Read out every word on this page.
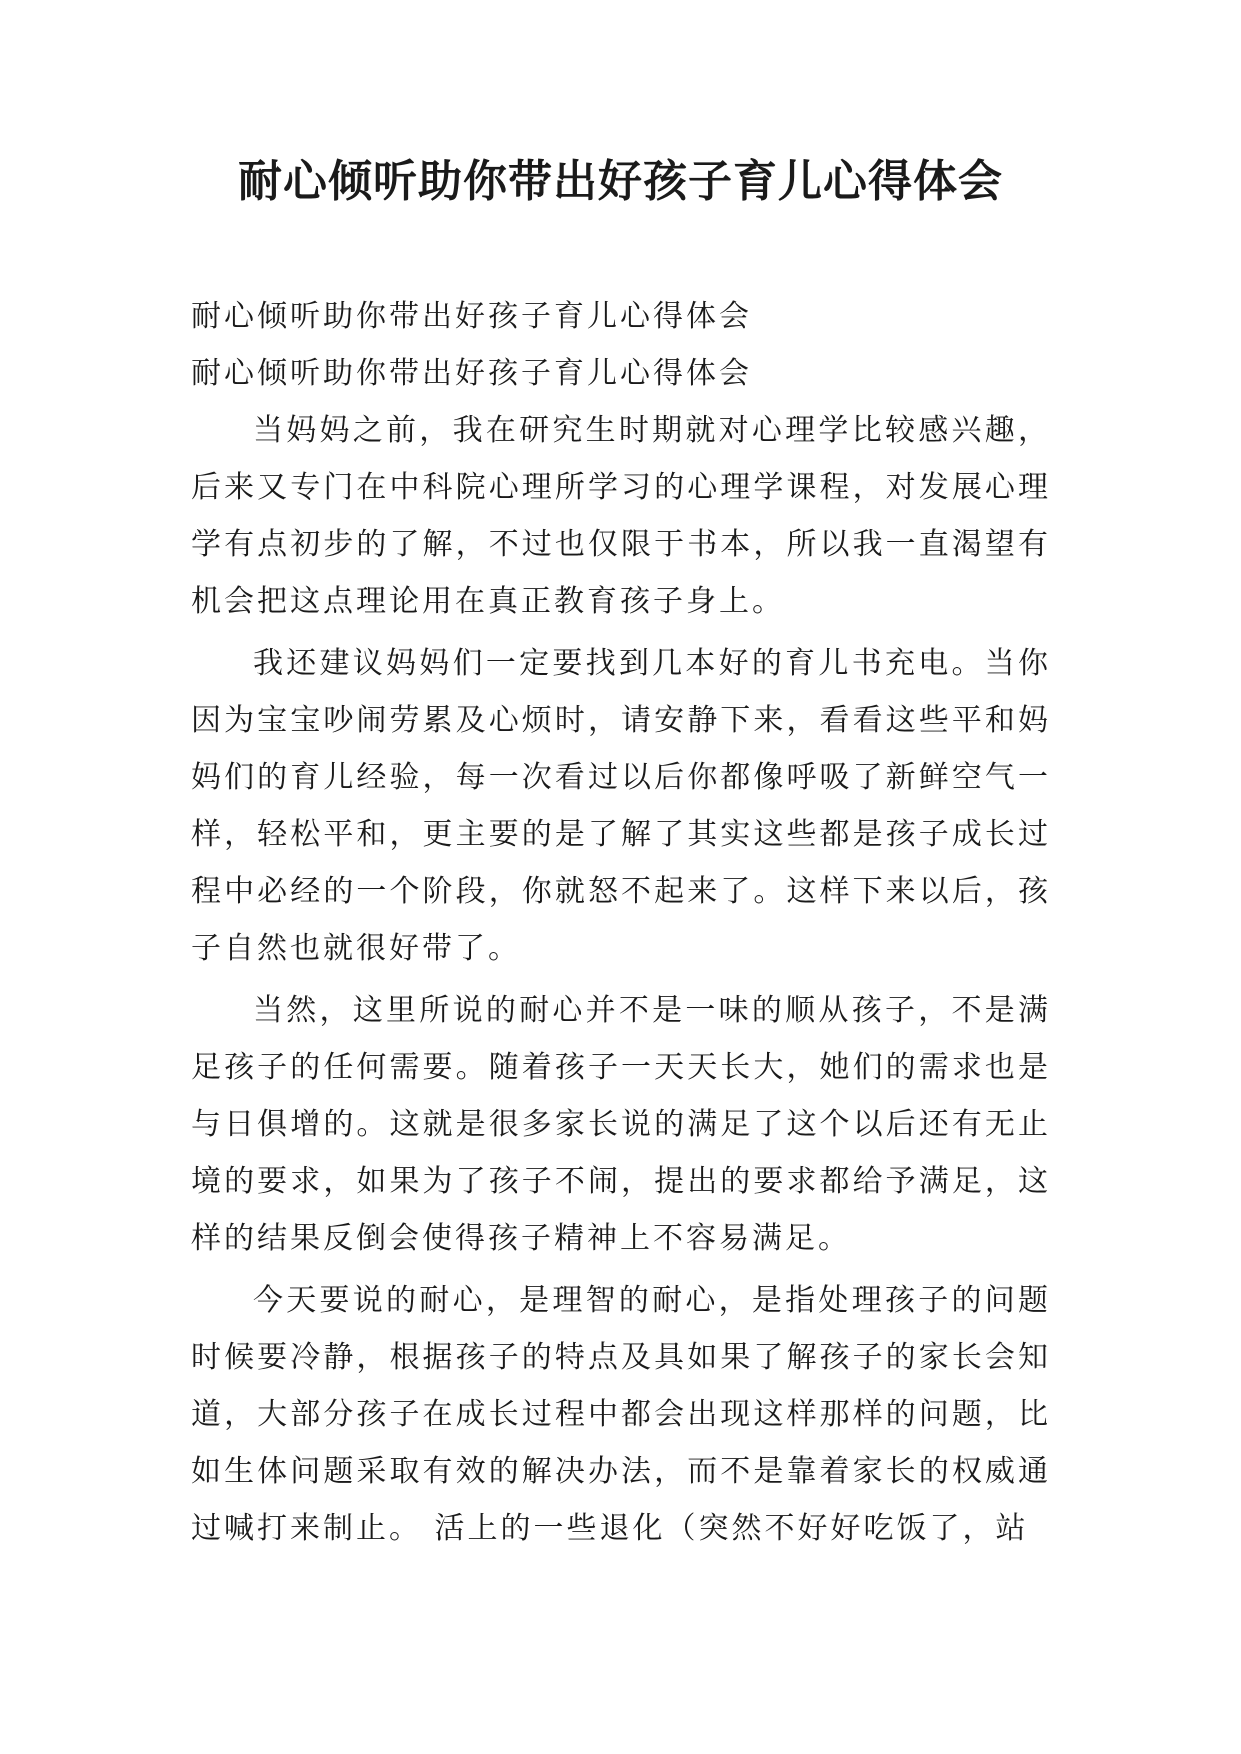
耐心倾听助你带出好孩子育儿心得体会

耐心倾听助你带出好孩子育儿心得体会

耐心倾听助你带出好孩子育儿心得体会

当妈妈之前，我在研究生时期就对心理学比较感兴趣，后来又专门在中科院心理所学习的心理学课程，对发展心理学有点初步的了解，不过也仅限于书本，所以我一直渴望有机会把这点理论用在真正教育孩子身上。

我还建议妈妈们一定要找到几本好的育儿书充电。当你因为宝宝吵闹劳累及心烦时，请安静下来，看看这些平和妈妈们的育儿经验，每一次看过以后你都像呼吸了新鲜空气一样，轻松平和，更主要的是了解了其实这些都是孩子成长过程中必经的一个阶段，你就怒不起来了。这样下来以后，孩子自然也就很好带了。

当然，这里所说的耐心并不是一味的顺从孩子，不是满足孩子的任何需要。随着孩子一天天长大，她们的需求也是与日俱增的。这就是很多家长说的满足了这个以后还有无止境的要求，如果为了孩子不闹，提出的要求都给予满足，这样的结果反倒会使得孩子精神上不容易满足。

今天要说的耐心，是理智的耐心，是指处理孩子的问题时候要冷静，根据孩子的特点及具如果了解孩子的家长会知道，大部分孩子在成长过程中都会出现这样那样的问题，比如生体问题采取有效的解决办法，而不是靠着家长的权威通过喊打来制止。 活上的一些退化（突然不好好吃饭了，站
